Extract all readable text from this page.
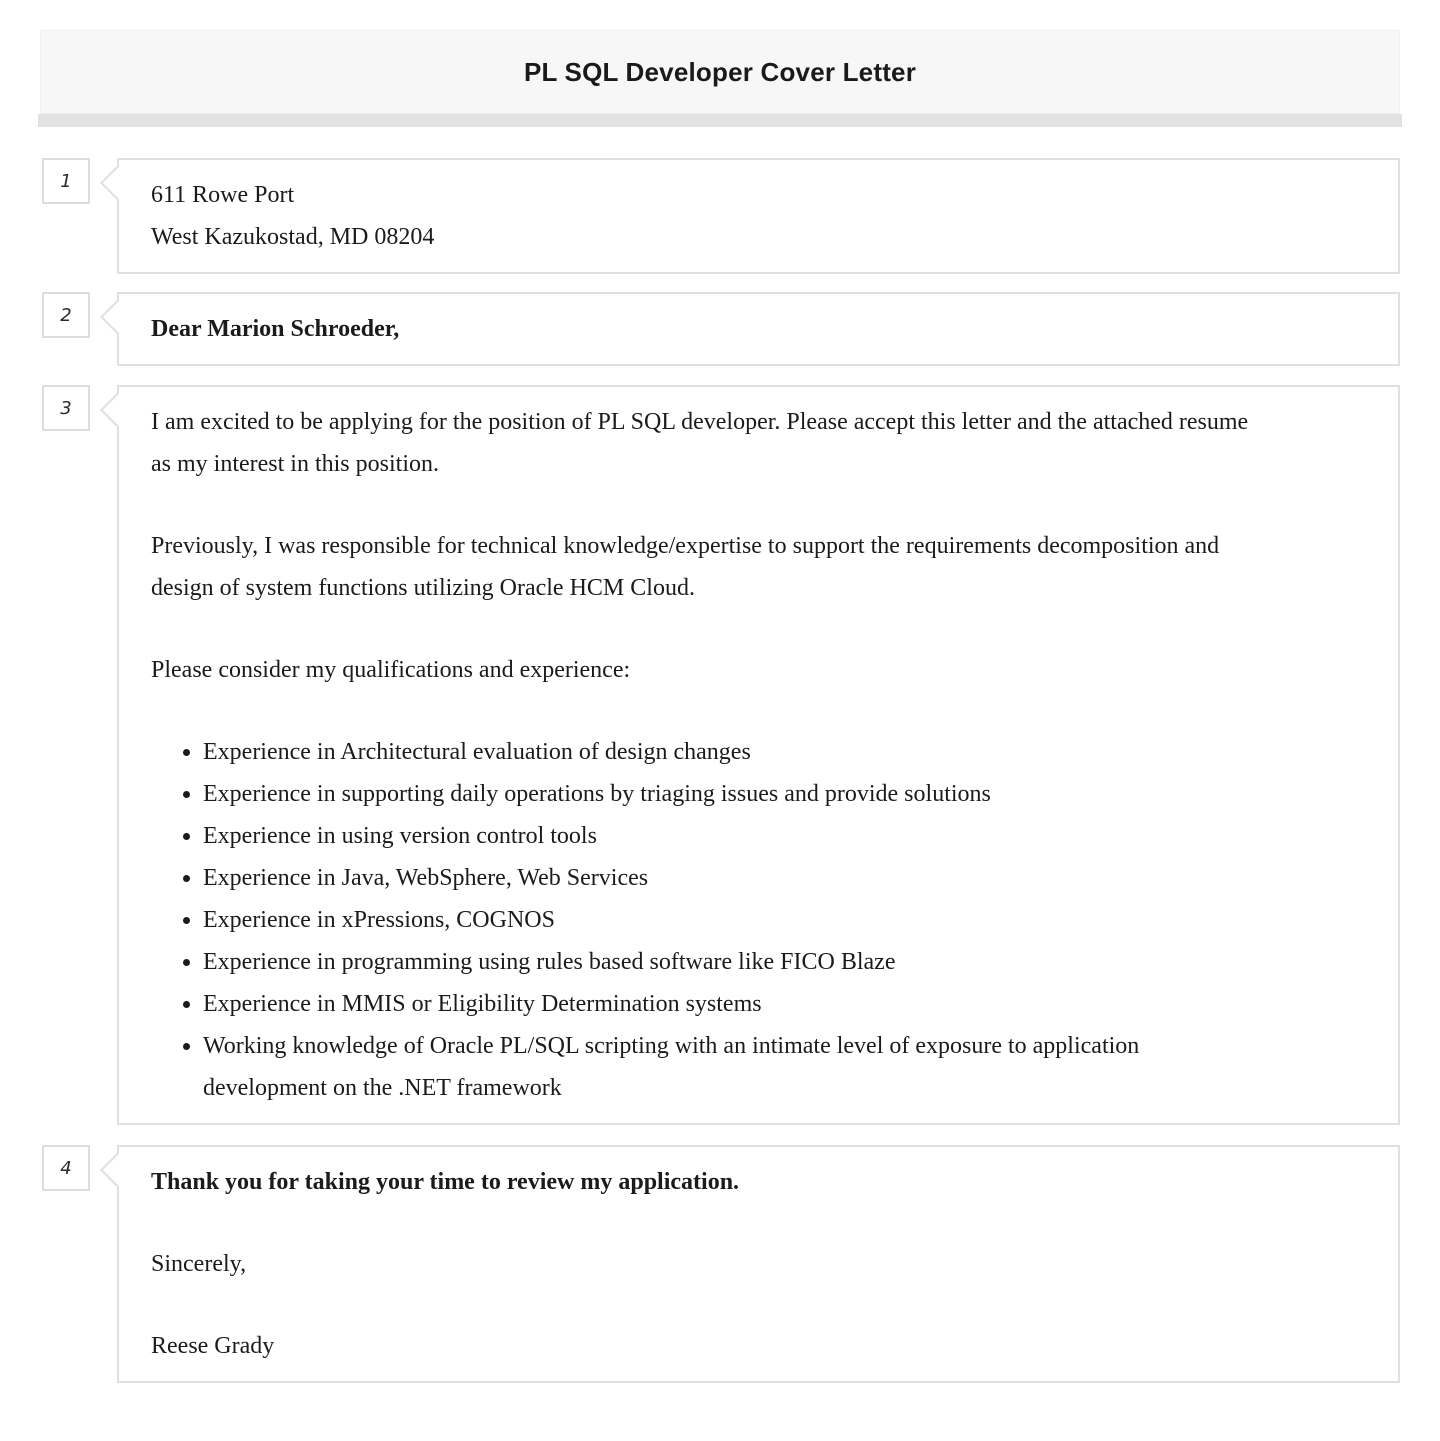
PL SQL Developer Cover Letter
1

611 Rowe Port

West Kazukostad, MD 08204

2

Dear Marion Schroeder,

3

I am excited to be applying for the position of PL SQL developer. Please accept this letter and the attached resume as my interest in this position.

Previously, I was responsible for technical knowledge/expertise to support the requirements decomposition and design of system functions utilizing Oracle HCM Cloud.

Please consider my qualifications and experience:

• Experience in Architectural evaluation of design changes
• Experience in supporting daily operations by triaging issues and provide solutions
• Experience in using version control tools
• Experience in Java, WebSphere, Web Services
• Experience in xPressions, COGNOS
• Experience in programming using rules based software like FICO Blaze
• Experience in MMIS or Eligibility Determination systems
• Working knowledge of Oracle PL/SQL scripting with an intimate level of exposure to application development on the .NET framework
4

Thank you for taking your time to review my application.

Sincerely,

Reese Grady
